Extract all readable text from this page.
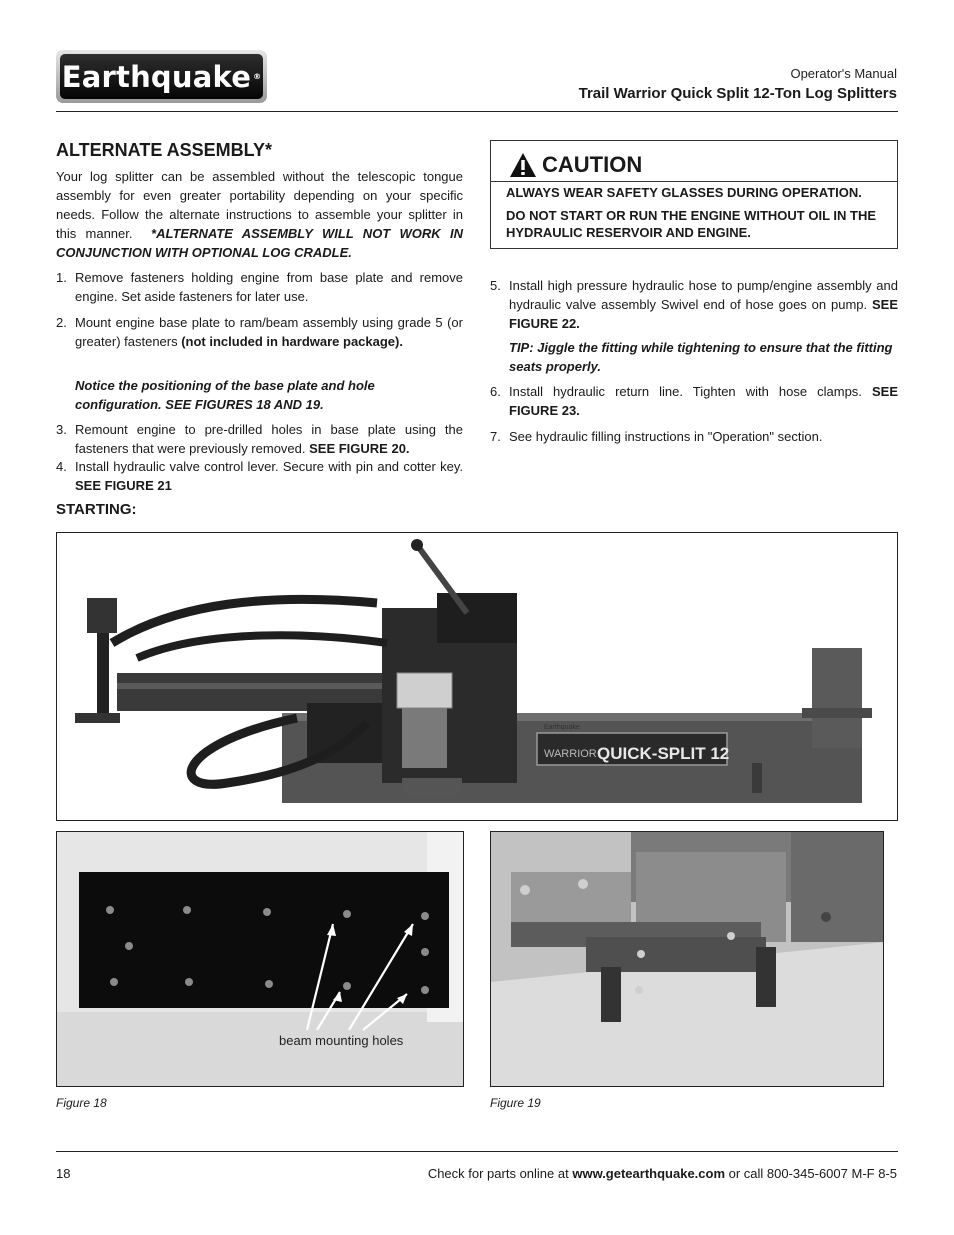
Earthquake ®	Operator's Manual
Trail Warrior Quick Split 12-Ton Log Splitters
ALTERNATE ASSEMBLY*
Your log splitter can be assembled without the telescopic tongue assembly for even greater portability depending on your specific needs. Follow the alternate instructions to assemble your splitter in this manner. *ALTERNATE ASSEMBLY WILL NOT WORK IN CONJUNCTION WITH OPTIONAL LOG CRADLE.
1. Remove fasteners holding engine from base plate and remove engine. Set aside fasteners for later use.
2. Mount engine base plate to ram/beam assembly using grade 5 (or greater) fasteners (not included in hardware package).
Notice the positioning of the base plate and hole configuration. SEE FIGURES 18 AND 19.
3. Remount engine to pre-drilled holes in base plate using the fasteners that were previously removed. SEE FIGURE 20.
4. Install hydraulic valve control lever. Secure with pin and cotter key. SEE FIGURE 21
STARTING:
CAUTION
ALWAYS WEAR SAFETY GLASSES DURING OPERATION.
DO NOT START OR RUN THE ENGINE WITHOUT OIL IN THE HYDRAULIC RESERVOIR AND ENGINE.
5. Install high pressure hydraulic hose to pump/engine assembly and hydraulic valve assembly Swivel end of hose goes on pump. SEE FIGURE 22.
TIP: Jiggle the fitting while tightening to ensure that the fitting seats properly.
6. Install hydraulic return line. Tighten with hose clamps. SEE FIGURE 23.
7. See hydraulic filling instructions in "Operation" section.
Earthquake
WARRIOR QUICK-SPLIT 12
beam mounting holes
Figure 18	Figure 19
18	Check for parts online at www.getearthquake.com or call 800-345-6007 M-F 8-5
